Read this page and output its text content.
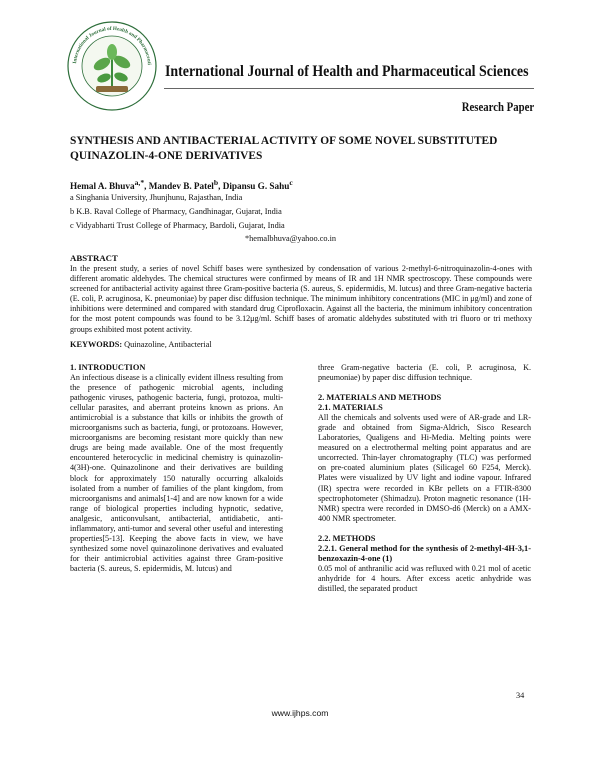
International Journal of Health and Pharmaceuti International Journal of Health and Pharmaceutical Sciences
Research Paper
SYNTHESIS AND ANTIBACTERIAL ACTIVITY OF SOME NOVEL SUBSTITUTED QUINAZOLIN-4-ONE DERIVATIVES
Hemal A. Bhuva$^{a,*}$, Mandev B. Patel$^b$, Dipansu G. Sahu$^c$
a Singhania University, Jhunjhunu, Rajasthan, India
b K.B. Raval College of Pharmacy, Gandhinagar, Gujarat, India
c Vidyabharti Trust College of Pharmacy, Bardoli, Gujarat, India
*hemalbhuva@yahoo.co.in
ABSTRACT
In the present study, a series of novel Schiff bases were synthesized by condensation of various 2-methyl-6-nitroquinazolin-4-ones with different aromatic aldehydes. The chemical structures were confirmed by means of IR and 1H NMR spectroscopy. These compounds were screened for antibacterial activity against three Gram-positive bacteria (S. aureus, S. epidermidis, M. lutcus) and three Gram-negative bacteria (E. coli, P. acruginosa, K. pneumoniae) by paper disc diffusion technique. The minimum inhibitory concentrations (MIC in μg/ml) and zone of inhibitions were determined and compared with standard drug Ciprofloxacin. Against all the bacteria, the minimum inhibitory concentration for the most potent compounds was found to be 3.12μg/ml. Schiff bases of aromatic aldehydes substituted with tri fluoro or tri methoxy groups exhibited most potent activity.
KEYWORDS: Quinazoline, Antibacterial
1. INTRODUCTION

An infectious disease is a clinically evident illness resulting from the presence of pathogenic microbial agents, including pathogenic viruses, pathogenic bacteria, fungi, protozoa, multi-cellular parasites, and aberrant proteins known as prions. An antimicrobial is a substance that kills or inhibits the growth of microorganisms such as bacteria, fungi, or protozoans. However, microorganisms are becoming resistant more quickly than new drugs are being made available. One of the most frequently encountered heterocyclic in medicinal chemistry is quinazolin-4(3H)-one. Quinazolinone and their derivatives are building block for approximately 150 naturally occurring alkaloids isolated from a number of families of the plant kingdom, from microorganisms and animals[1-4] and are now known for a wide range of biological properties including hypnotic, sedative, analgesic, anticonvulsant, antibacterial, antidiabetic, anti-inflammatory, anti-tumor and several other useful and interesting properties[5-13]. Keeping the above facts in view, we have synthesized some novel quinazolinone derivatives and evaluated for their antimicrobial activities against three Gram-positive bacteria (S. aureus, S. epidermidis, M. lutcus) and

three Gram-negative bacteria (E. coli, P. acruginosa, K. pneumoniae) by paper disc diffusion technique.

2. MATERIALS AND METHODS
2.1. MATERIALS

All the chemicals and solvents used were of AR-grade and LR-grade and obtained from Sigma-Aldrich, Sisco Research Laboratories, Qualigens and Hi-Media. Melting points were measured on a electrothermal melting point apparatus and are uncorrected. Thin-layer chromatography (TLC) was performed on pre-coated aluminium plates (Silicagel 60 F254, Merck). Plates were visualized by UV light and iodine vapour. Infrared (IR) spectra were recorded in KBr pellets on a FTIR-8300 spectrophotometer (Shimadzu). Proton magnetic resonance (1H-NMR) spectra were recorded in DMSO-d6 (Merck) on a AMX-400 NMR spectrometer.

2.2. METHODS
2.2.1. General method for the synthesis of 2-methyl-4H-3,1-benzoxazin-4-one (1)

0.05 mol of anthranilic acid was refluxed with 0.21 mol of acetic anhydride for 4 hours. After excess acetic anhydride was distilled, the separated product

34
www.ijhps.com
